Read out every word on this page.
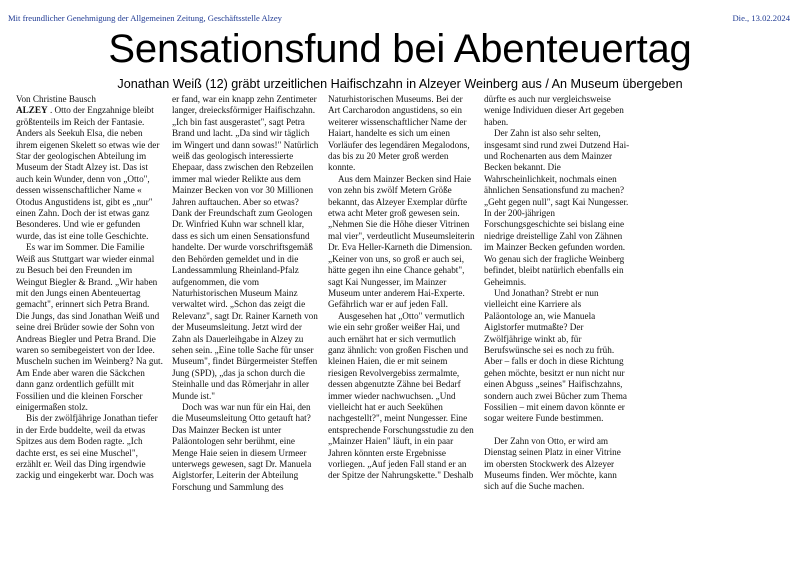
Mit freundlicher Genehmigung der Allgemeinen Zeitung, Geschäftsstelle Alzey	Die., 13.02.2024
Sensationsfund bei Abenteuertag
Jonathan Weiß (12) gräbt urzeitlichen Haifischzahn in Alzeyer Weinberg aus / An Museum übergeben

Von Christine Bausch

ALZEY . Otto der Engzahnige bleibt größtenteils im Reich der Fantasie. Anders als Seekuh Elsa, die neben ihrem eigenen Skelett so etwas wie der Star der geologischen Abteilung im Museum der Stadt Alzey ist. Das ist auch kein Wunder, denn von „Otto", dessen wissenschaftlicher Name « Otodus Angustidens ist, gibt es „nur" einen Zahn. Doch der ist etwas ganz Besonderes. Und wie er gefunden wurde, das ist eine tolle Geschichte.

Es war im Sommer. Die Familie Weiß aus Stuttgart war wieder einmal zu Besuch bei den Freunden im Weingut Biegler & Brand. „Wir haben mit den Jungs einen Abenteuertag gemacht", erinnert sich Petra Brand. Die Jungs, das sind Jonathan Weiß und seine drei Brüder sowie der Sohn von Andreas Biegler und Petra Brand. Die waren so semibegeistert von der Idee. Muscheln suchen im Weinberg? Na gut. Am Ende aber waren die Säckchen dann ganz ordentlich gefüllt mit Fossilien und die kleinen Forscher einigermaßen stolz.

Bis der zwölfjährige Jonathan tiefer in der Erde buddelte, weil da etwas Spitzes aus dem Boden ragte. „Ich dachte erst, es sei eine Muschel", erzählt er. Weil das Ding irgendwie zackig und eingekerbt war. Doch was

er fand, war ein knapp zehn Zentimeter langer, dreiecksförmiger Haifischzahn. „Ich bin fast ausgerastet", sagt Petra Brand und lacht. „Da sind wir täglich im Wingert und dann sowas!" Natürlich weiß das geologisch interessierte Ehepaar, dass zwischen den Rebzeilen immer mal wieder Relikte aus dem Mainzer Becken von vor 30 Millionen Jahren auftauchen. Aber so etwas? Dank der Freundschaft zum Geologen Dr. Winfried Kuhn war schnell klar, dass es sich um einen Sensationsfund handelte. Der wurde vorschriftsgemäß den Behörden gemeldet und in die Landessammlung Rheinland-Pfalz aufgenommen, die vom Naturhistorischen Museum Mainz verwaltet wird. „Schon das zeigt die Relevanz", sagt Dr. Rainer Karneth von der Museumsleitung. Jetzt wird der Zahn als Dauerleihgabe in Alzey zu sehen sein. „Eine tolle Sache für unser Museum", findet Bürgermeister Steffen Jung (SPD), „das ja schon durch die Steinhalle und das Römerjahr in aller Munde ist."

Doch was war nun für ein Hai, den die Museumsleitung Otto getauft hat? Das Mainzer Becken ist unter Paläontologen sehr berühmt, eine Menge Haie seien in diesem Urmeer unterwegs gewesen, sagt Dr. Manuela Aiglstorfer, Leiterin der Abteilung Forschung und Sammlung des

Naturhistorischen Museums. Bei der Art Carcharodon angustidens, so ein weiterer wissenschaftlicher Name der Haiart, handelte es sich um einen Vorläufer des legendären Megalodons, das bis zu 20 Meter groß werden konnte.

Aus dem Mainzer Becken sind Haie von zehn bis zwölf Metern Größe bekannt, das Alzeyer Exemplar dürfte etwa acht Meter groß gewesen sein. „Nehmen Sie die Höhe dieser Vitrinen mal vier", verdeutlicht Museumsleiterin Dr. Eva Heller-Karneth die Dimension. „Keiner von uns, so groß er auch sei, hätte gegen ihn eine Chance gehabt", sagt Kai Nungesser, im Mainzer Museum unter anderem Hai-Experte. Gefährlich war er auf jeden Fall.

Ausgesehen hat „Otto" vermutlich wie ein sehr großer weißer Hai, und auch ernährt hat er sich vermutlich ganz ähnlich: von großen Fischen und kleinen Haien, die er mit seinem riesigen Revolvergebiss zermalmte, dessen abgenutzte Zähne bei Bedarf immer wieder nachwuchsen. „Und vielleicht hat er auch Seekühen nachgestellt?", meint Nungesser. Eine entsprechende Forschungsstudie zu den „Mainzer Haien" läuft, in ein paar Jahren könnten erste Ergebnisse vorliegen. „Auf jeden Fall stand er an der Spitze der Nahrungskette." Deshalb

dürfte es auch nur vergleichsweise wenige Individuen dieser Art gegeben haben.

Der Zahn ist also sehr selten, insgesamt sind rund zwei Dutzend Hai- und Rochenarten aus dem Mainzer Becken bekannt. Die Wahrscheinlichkeit, nochmals einen ähnlichen Sensationsfund zu machen? „Geht gegen null", sagt Kai Nungesser. In der 200-jährigen Forschungsgeschichte sei bislang eine niedrige dreistellige Zahl von Zähnen im Mainzer Becken gefunden worden. Wo genau sich der fragliche Weinberg befindet, bleibt natürlich ebenfalls ein Geheimnis.

Und Jonathan? Strebt er nun vielleicht eine Karriere als Paläontologe an, wie Manuela Aiglstorfer mutmaßte? Der Zwölfjährige winkt ab, für Berufswünsche sei es noch zu früh. Aber – falls er doch in diese Richtung gehen möchte, besitzt er nun nicht nur einen Abguss „seines" Haifischzahns, sondern auch zwei Bücher zum Thema Fossilien – mit einem davon könnte er sogar weitere Funde bestimmen.

Der Zahn von Otto, er wird am Dienstag seinen Platz in einer Vitrine im obersten Stockwerk des Alzeyer Museums finden. Wer möchte, kann sich auf die Suche machen.
